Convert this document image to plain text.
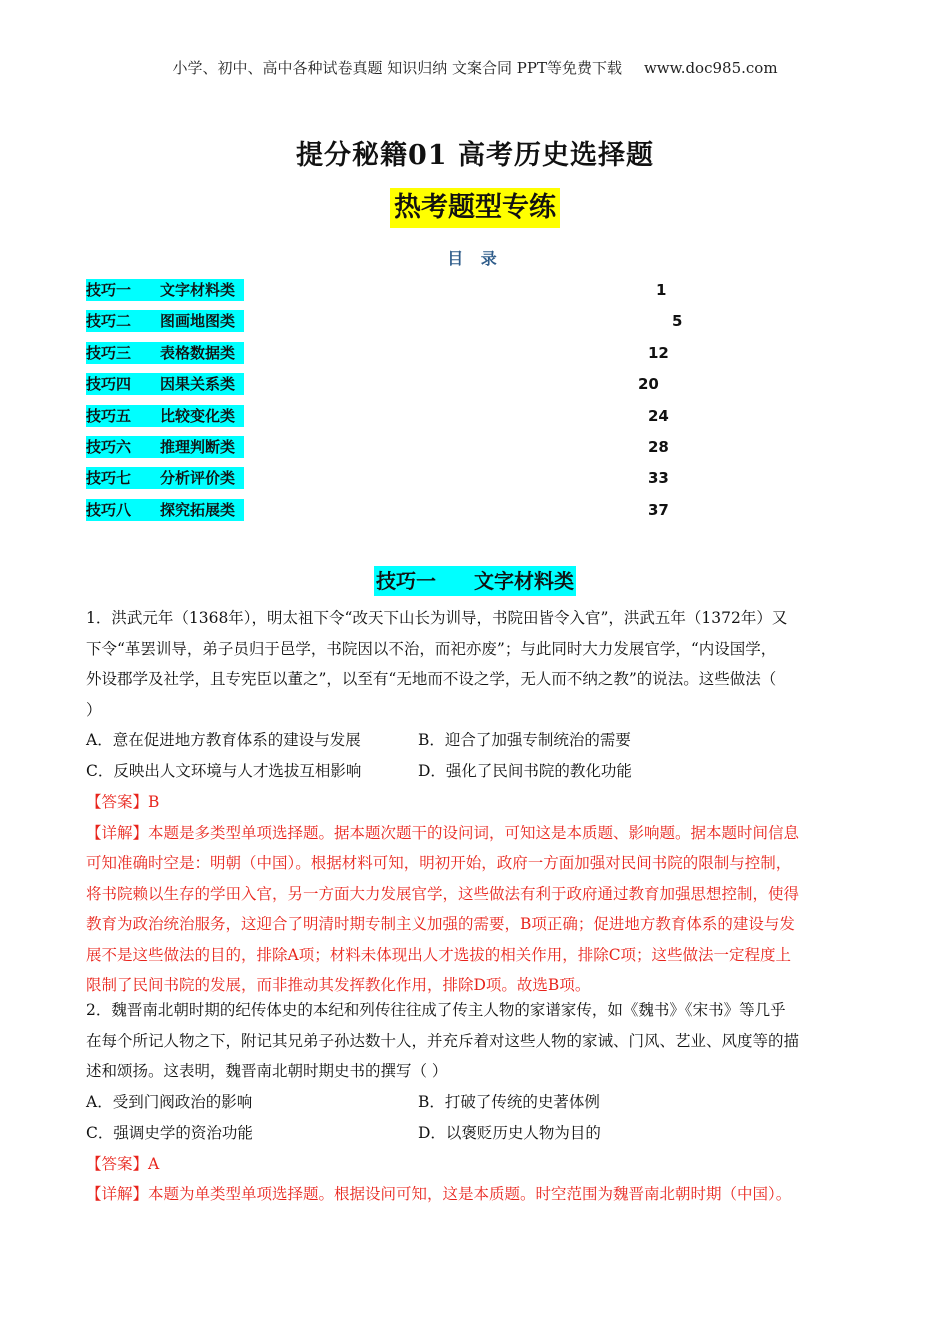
小学、初中、高中各种试卷真题 知识归纳 文案合同 PPT等免费下载 www.doc985.com
提分秘籍01 高考历史选择题
热考题型专练
目 录
技巧一 文字材料类	1
技巧二 图画地图类	5
技巧三 表格数据类	12
技巧四 因果关系类	20
技巧五 比较变化类	24
技巧六 推理判断类	28
技巧七 分析评价类	33
技巧八 探究拓展类	37
技巧一 文字材料类

1．洪武元年（1368年），明太祖下令“改天下山长为训导，书院田皆令入官”，洪武五年（1372年）又
下令“革罢训导，弟子员归于邑学，书院因以不治，而祀亦废”；与此同时大力发展官学，“内设国学，
外设郡学及社学，且专宪臣以董之”，以至有“无地而不设之学，无人而不纳之教”的说法。这些做法（
）

A．意在促进地方教育体系的建设与发展	B．迎合了加强专制统治的需要
C．反映出人文环境与人才选拔互相影响	D．强化了民间书院的教化功能

【答案】B

【详解】本题是多类型单项选择题。据本题次题干的设问词，可知这是本质题、影响题。据本题时间信息
可知准确时空是：明朝（中国）。根据材料可知，明初开始，政府一方面加强对民间书院的限制与控制，
将书院赖以生存的学田入官，另一方面大力发展官学，这些做法有利于政府通过教育加强思想控制，使得
教育为政治统治服务，这迎合了明清时期专制主义加强的需要，B项正确；促进地方教育体系的建设与发
展不是这些做法的目的，排除A项；材料未体现出人才选拔的相关作用，排除C项；这些做法一定程度上
限制了民间书院的发展，而非推动其发挥教化作用，排除D项。故选B项。

2．魏晋南北朝时期的纪传体史的本纪和列传往往成了传主人物的家谱家传，如《魏书》《宋书》等几乎
在每个所记人物之下，附记其兄弟子孙达数十人，并充斥着对这些人物的家诫、门风、艺业、风度等的描
述和颂扬。这表明，魏晋南北朝时期史书的撰写（ ）

A．受到门阀政治的影响	B．打破了传统的史著体例
C．强调史学的资治功能	D．以褒贬历史人物为目的

【答案】A

【详解】本题为单类型单项选择题。根据设问可知，这是本质题。时空范围为魏晋南北朝时期（中国）。
